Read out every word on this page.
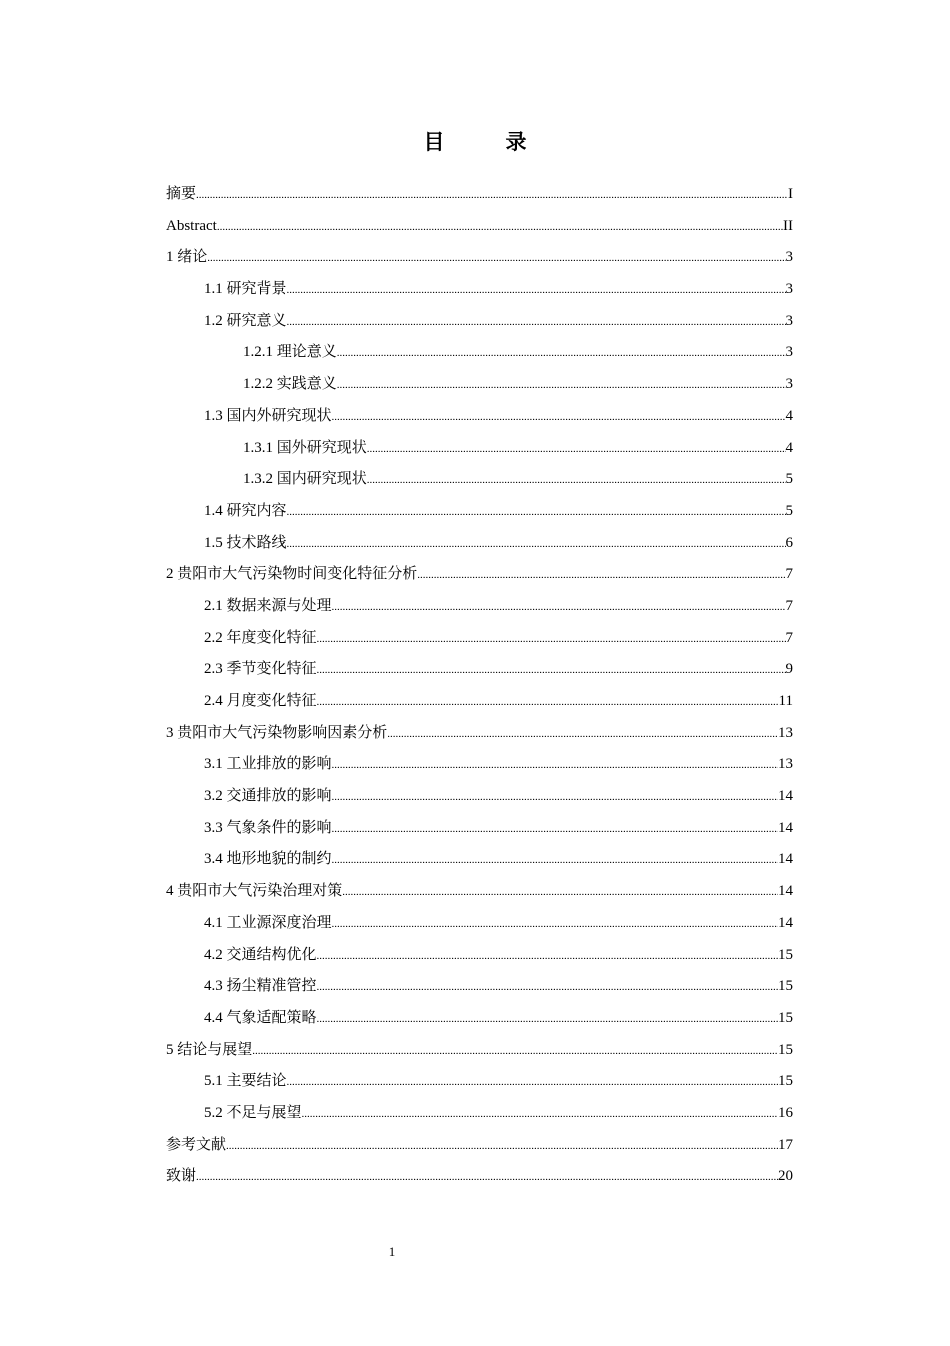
目　录
摘要 .....	I
Abstract .....	II
1 绪论 .....	3
1.1 研究背景 .....	3
1.2 研究意义 .....	3
1.2.1 理论意义 .....	3
1.2.2 实践意义 .....	3
1.3 国内外研究现状 .....	4
1.3.1 国外研究现状 .....	4
1.3.2 国内研究现状 .....	5
1.4 研究内容 .....	5
1.5 技术路线 .....	6
2 贵阳市大气污染物时间变化特征分析 .....	7
2.1 数据来源与处理 .....	7
2.2 年度变化特征 .....	7
2.3 季节变化特征 .....	9
2.4 月度变化特征 .....	11
3 贵阳市大气污染物影响因素分析 .....	13
3.1 工业排放的影响 .....	13
3.2 交通排放的影响 .....	14
3.3 气象条件的影响 .....	14
3.4 地形地貌的制约 .....	14
4 贵阳市大气污染治理对策 .....	14
4.1 工业源深度治理 .....	14
4.2 交通结构优化 .....	15
4.3 扬尘精准管控 .....	15
4.4 气象适配策略 .....	15
5 结论与展望 .....	15
5.1 主要结论 .....	15
5.2 不足与展望 .....	16
参考文献 .....	17
致谢 .....	20
1
